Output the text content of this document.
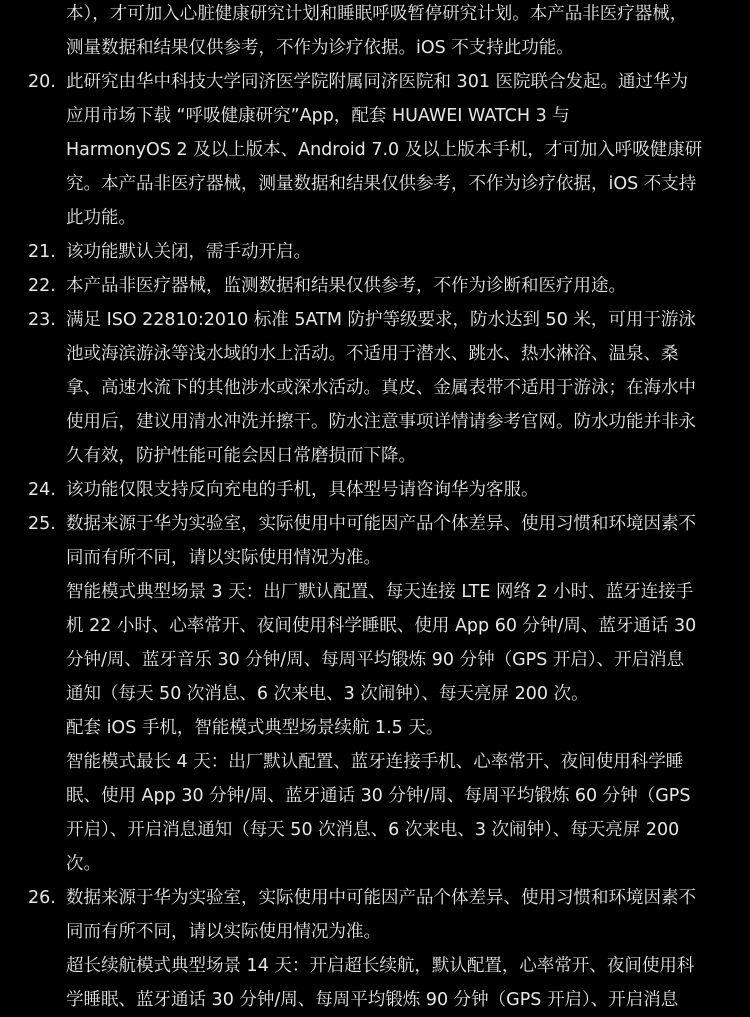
本），才可加入心脏健康研究计划和睡眠呼吸暂停研究计划。本产品非医疗器械，
测量数据和结果仅供参考，不作为诊疗依据。iOS 不支持此功能。
20. 此研究由华中科技大学同济医学院附属同济医院和 301 医院联合发起。通过华为
应用市场下载 “呼吸健康研究”App，配套 HUAWEI WATCH 3 与
HarmonyOS 2 及以上版本、Android 7.0 及以上版本手机，才可加入呼吸健康研
究。本产品非医疗器械，测量数据和结果仅供参考，不作为诊疗依据，iOS 不支持
此功能。
21. 该功能默认关闭，需手动开启。
22. 本产品非医疗器械，监测数据和结果仅供参考，不作为诊断和医疗用途。
23. 满足 ISO 22810:2010 标准 5ATM 防护等级要求，防水达到 50 米，可用于游泳
池或海滨游泳等浅水域的水上活动。不适用于潜水、跳水、热水淋浴、温泉、桑
拿、高速水流下的其他涉水或深水活动。真皮、金属表带不适用于游泳；在海水中
使用后，建议用清水冲洗并擦干。防水注意事项详情请参考官网。防水功能并非永
久有效，防护性能可能会因日常磨损而下降。
24. 该功能仅限支持反向充电的手机，具体型号请咨询华为客服。
25. 数据来源于华为实验室，实际使用中可能因产品个体差异、使用习惯和环境因素不
同而有所不同，请以实际使用情况为准。
智能模式典型场景 3 天：出厂默认配置、每天连接 LTE 网络 2 小时、蓝牙连接手
机 22 小时、心率常开、夜间使用科学睡眠、使用 App 60 分钟/周、蓝牙通话 30
分钟/周、蓝牙音乐 30 分钟/周、每周平均锻炼 90 分钟（GPS 开启）、开启消息
通知（每天 50 次消息、6 次来电、3 次闹钟）、每天亮屏 200 次。
配套 iOS 手机，智能模式典型场景续航 1.5 天。
智能模式最长 4 天：出厂默认配置、蓝牙连接手机、心率常开、夜间使用科学睡
眠、使用 App 30 分钟/周、蓝牙通话 30 分钟/周、每周平均锻炼 60 分钟（GPS
开启）、开启消息通知（每天 50 次消息、6 次来电、3 次闹钟）、每天亮屏 200
次。
26. 数据来源于华为实验室，实际使用中可能因产品个体差异、使用习惯和环境因素不
同而有所不同，请以实际使用情况为准。
超长续航模式典型场景 14 天：开启超长续航，默认配置，心率常开、夜间使用科
学睡眠、蓝牙通话 30 分钟/周、每周平均锻炼 90 分钟（GPS 开启）、开启消息
